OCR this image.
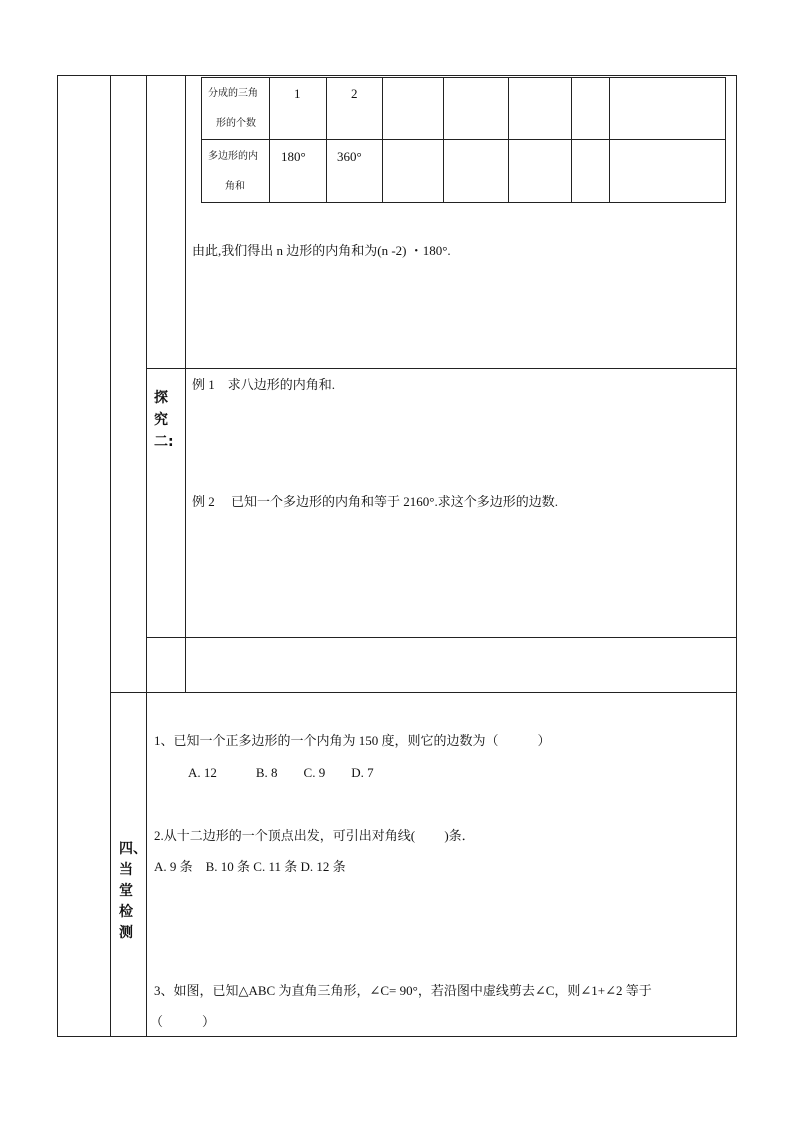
分成的三角
形的个数
1	2
多边形的内
角和
180° 360°
由此,我们得出 n 边形的内角和为(n -2) ・180°.
探
究
二:
例 1　求八边形的内角和.
例 2　 已知一个多边形的内角和等于 2160°.求这个多边形的边数.
四、
当
堂
检
测
1、已知一个正多边形的一个内角为 150 度，则它的边数为（　　　）
A. 12　　　B. 8　　C. 9　　D. 7
2.从十二边形的一个顶点出发，可引出对角线(　　 )条．
A. 9 条　B. 10 条 C. 11 条 D. 12 条
3、如图，已知△ABC 为直角三角形，∠C= 90°，若沿图中虚线剪去∠C，则∠1+∠2 等于
（　　　）
